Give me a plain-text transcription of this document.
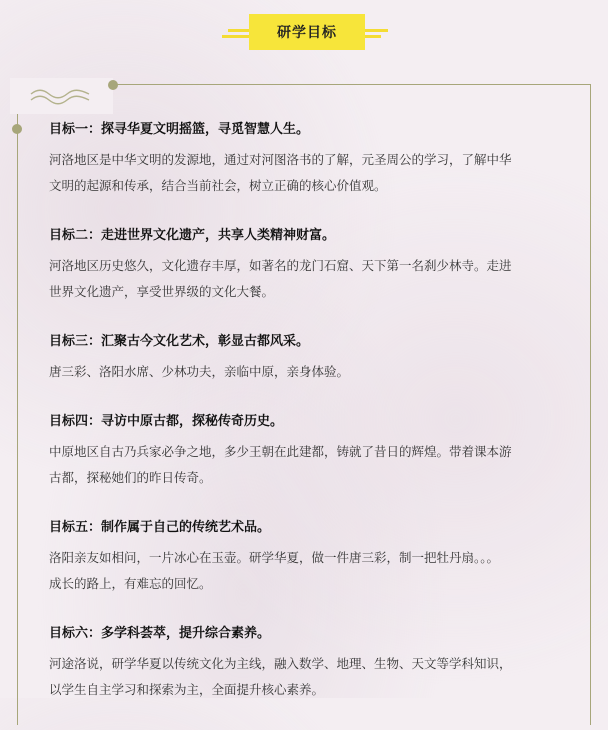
研学目标
目标一：探寻华夏文明摇篮，寻觅智慧人生。
河洛地区是中华文明的发源地，通过对河图洛书的了解，元圣周公的学习，了解中华
文明的起源和传承，结合当前社会，树立正确的核心价值观。
目标二：走进世界文化遗产，共享人类精神财富。
河洛地区历史悠久，文化遗存丰厚，如著名的龙门石窟、天下第一名刹少林寺。走进
世界文化遗产，享受世界级的文化大餐。
目标三：汇聚古今文化艺术，彰显古都风采。
唐三彩、洛阳水席、少林功夫，亲临中原，亲身体验。
目标四：寻访中原古都，探秘传奇历史。
中原地区自古乃兵家必争之地，多少王朝在此建都，铸就了昔日的辉煌。带着课本游
古都，探秘她们的昨日传奇。
目标五：制作属于自己的传统艺术品。
洛阳亲友如相问，一片冰心在玉壶。研学华夏，做一件唐三彩，制一把牡丹扇。。。
成长的路上，有难忘的回忆。
目标六：多学科荟萃，提升综合素养。
河途洛说，研学华夏以传统文化为主线，融入数学、地理、生物、天文等学科知识，
以学生自主学习和探索为主，全面提升核心素养。
